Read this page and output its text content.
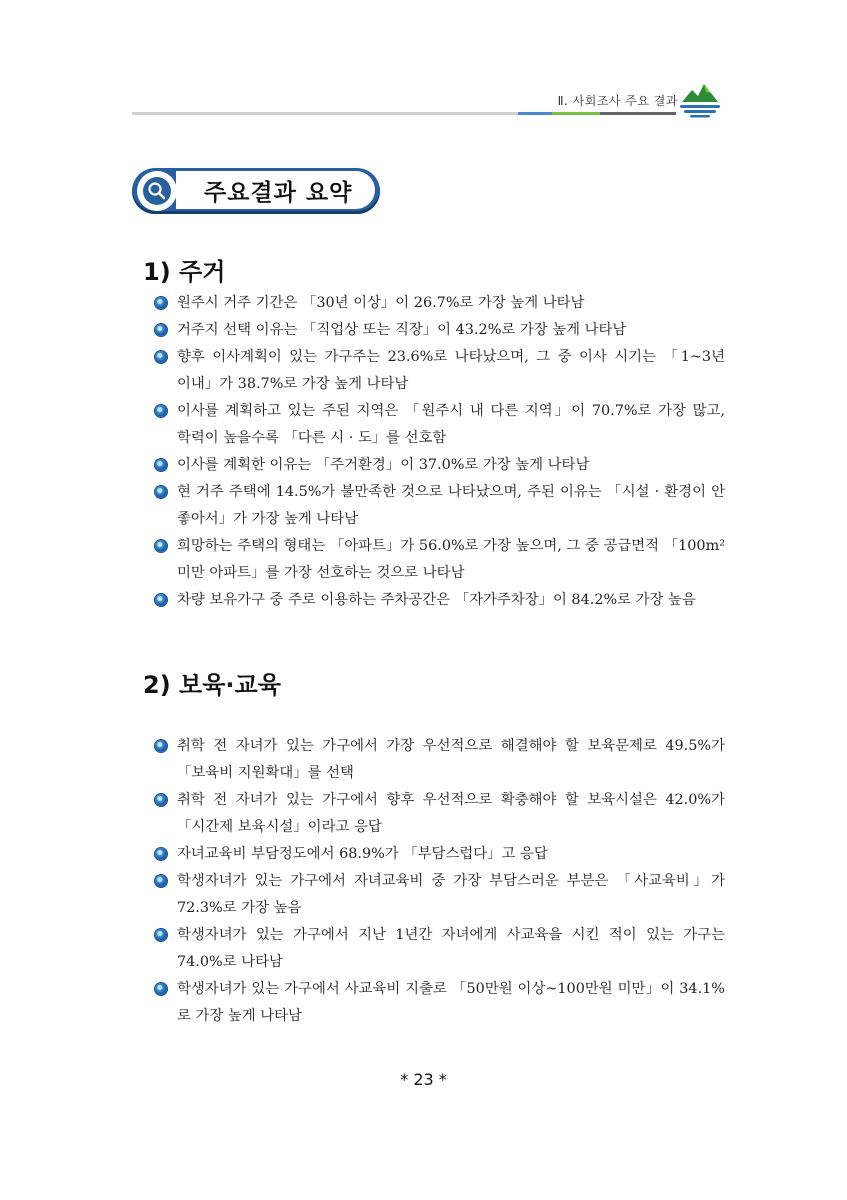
Ⅱ. 사회조사 주요 결과
주요결과 요약
1) 주거
원주시 거주 기간은 「30년 이상」이 26.7%로 가장 높게 나타남
거주지 선택 이유는 「직업상 또는 직장」이 43.2%로 가장 높게 나타남
향후 이사계획이 있는 가구주는 23.6%로 나타났으며, 그 중 이사 시기는 「1~3년 이내」가 38.7%로 가장 높게 나타남
이사를 계획하고 있는 주된 지역은 「원주시 내 다른 지역」이 70.7%로 가장 많고, 학력이 높을수록 「다른 시 · 도」를 선호함
이사를 계획한 이유는 「주거환경」이 37.0%로 가장 높게 나타남
현 거주 주택에 14.5%가 불만족한 것으로 나타났으며, 주된 이유는 「시설 · 환경이 안 좋아서」가 가장 높게 나타남
희망하는 주택의 형태는 「아파트」가 56.0%로 가장 높으며, 그 중 공급면적 「100m² 미만 아파트」를 가장 선호하는 것으로 나타남
차량 보유가구 중 주로 이용하는 주차공간은 「자가주차장」이 84.2%로 가장 높음
2) 보육·교육
취학 전 자녀가 있는 가구에서 가장 우선적으로 해결해야 할 보육문제로 49.5%가 「보육비 지원확대」를 선택
취학 전 자녀가 있는 가구에서 향후 우선적으로 확충해야 할 보육시설은 42.0%가 「시간제 보육시설」이라고 응답
자녀교육비 부담정도에서 68.9%가 「부담스럽다」고 응답
학생자녀가 있는 가구에서 자녀교육비 중 가장 부담스러운 부분은 「사교육비」가 72.3%로 가장 높음
학생자녀가 있는 가구에서 지난 1년간 자녀에게 사교육을 시킨 적이 있는 가구는 74.0%로 나타남
학생자녀가 있는 가구에서 사교육비 지출로 「50만원 이상~100만원 미만」이 34.1%로 가장 높게 나타남
* 23 *
